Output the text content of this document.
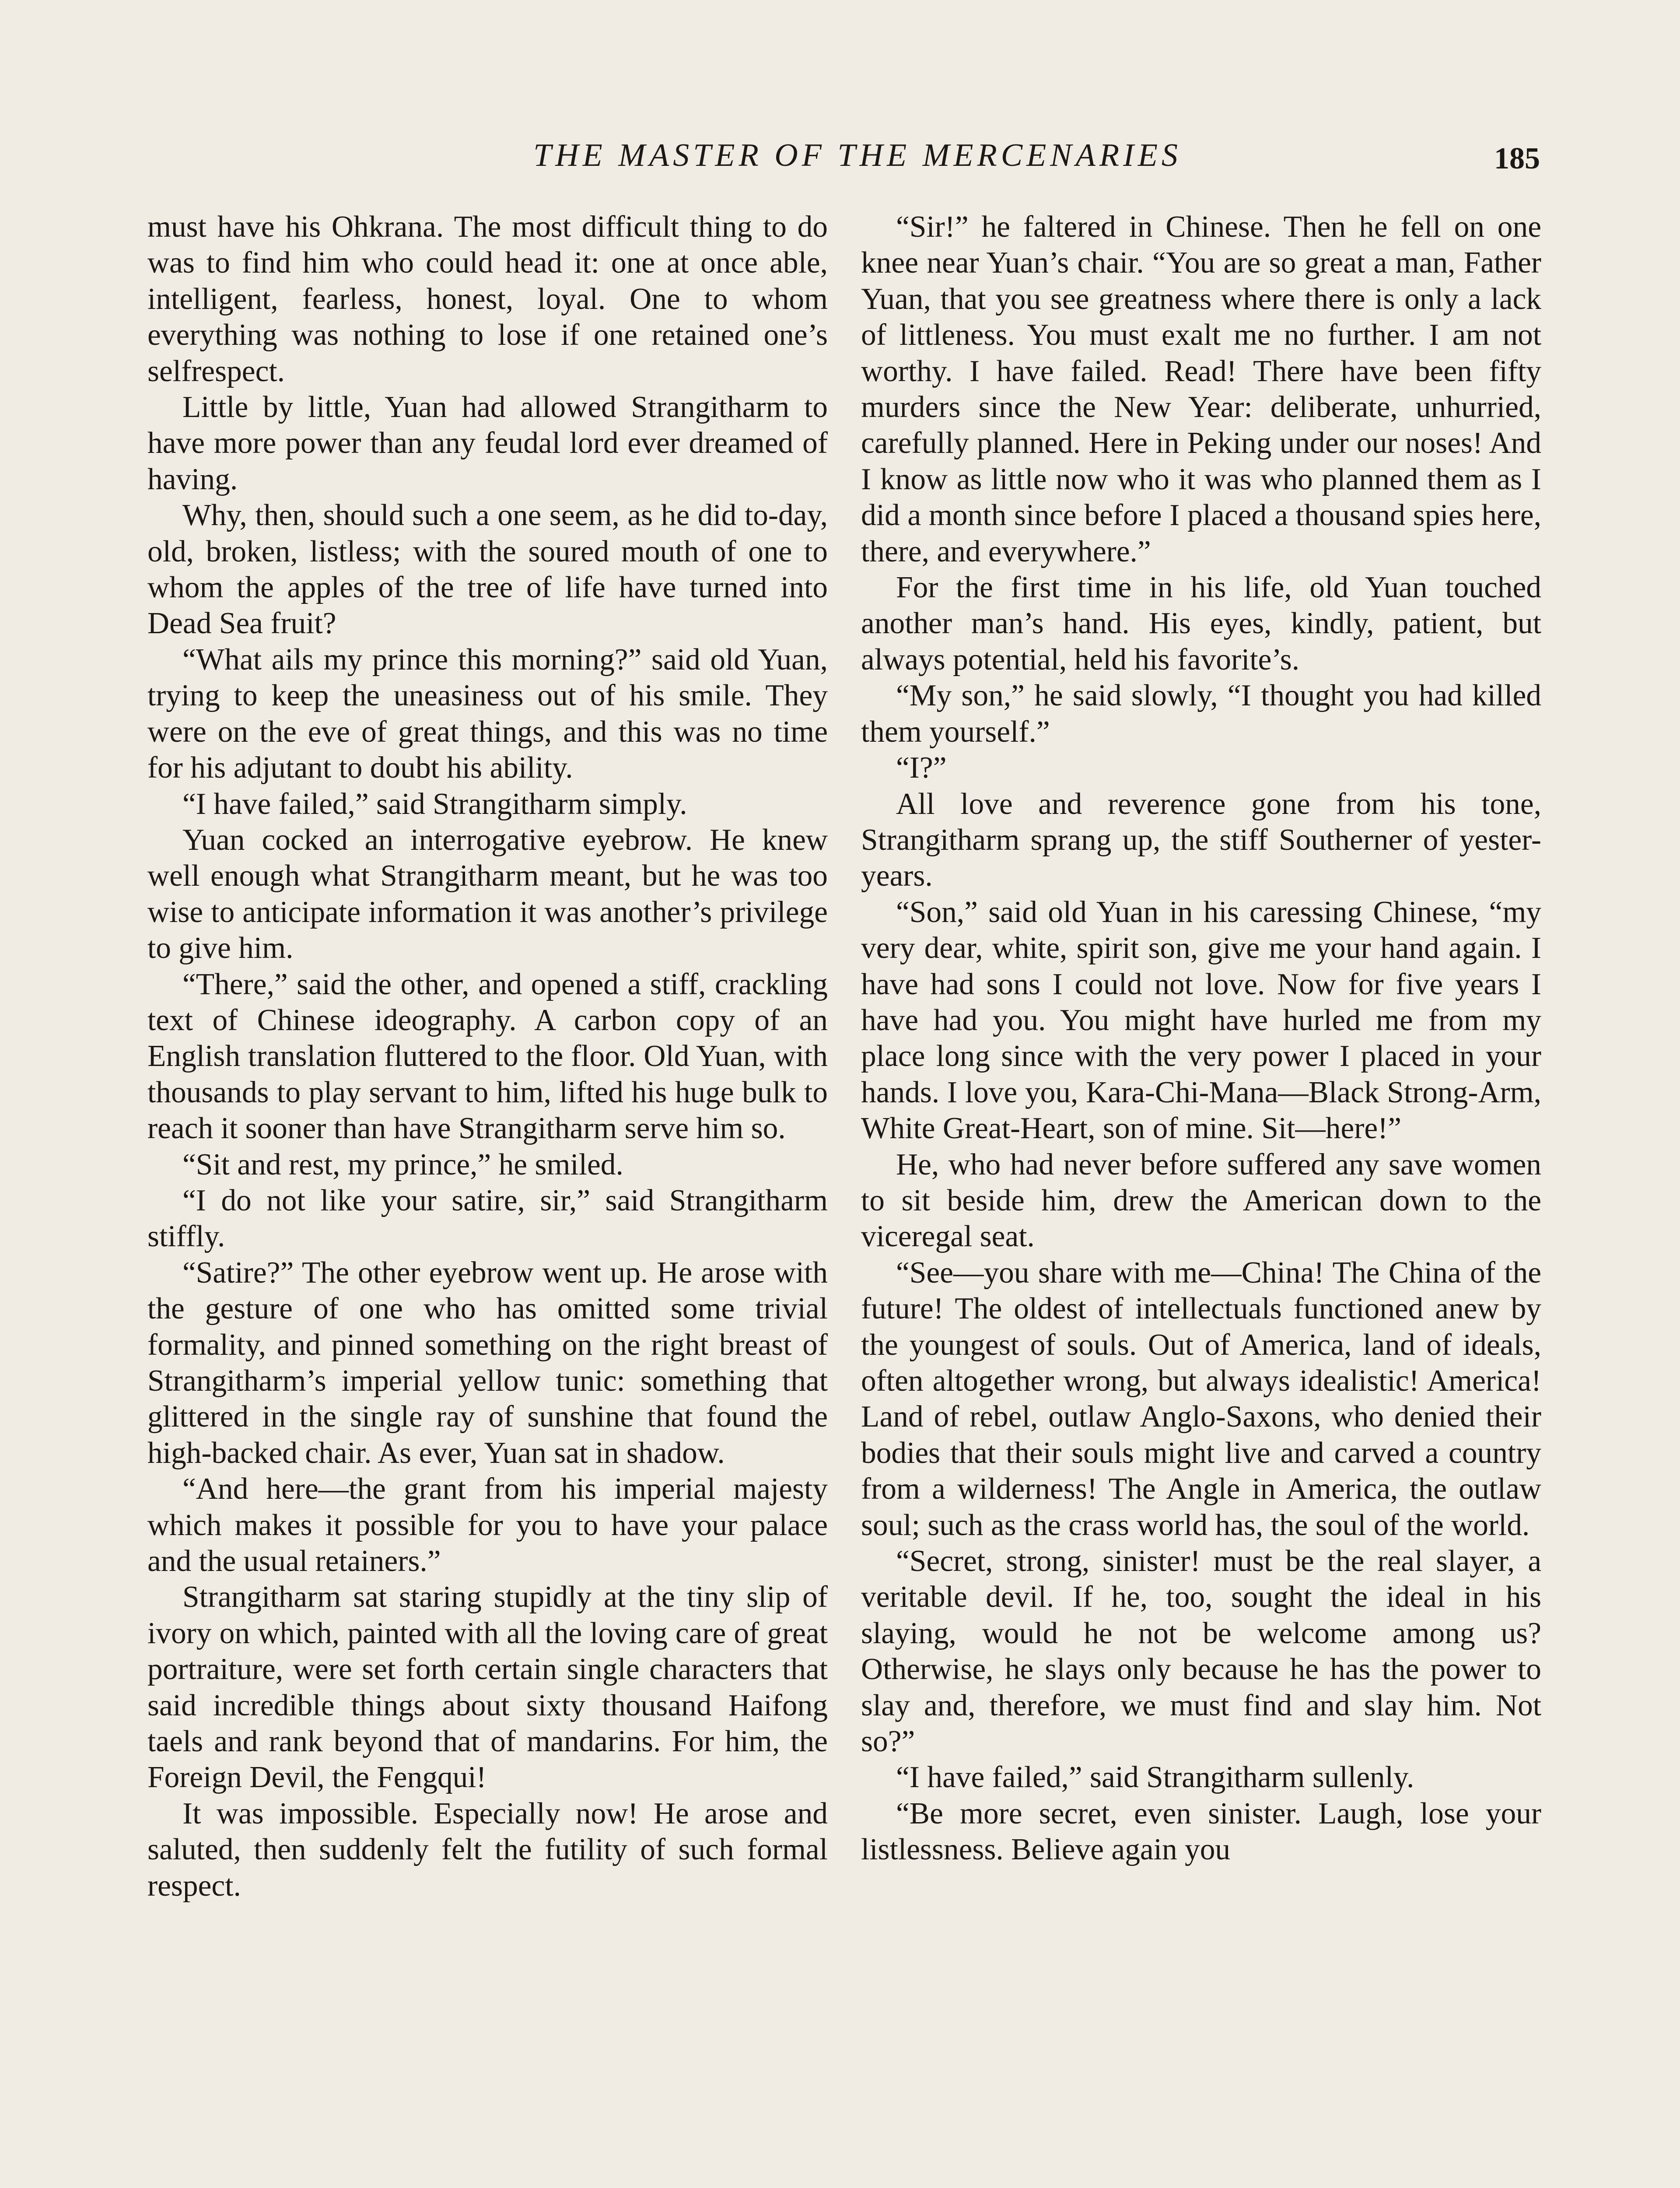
THE MASTER OF THE MERCENARIES	185

must have his Ohkrana. The most difficult thing to do was to find him who could head it: one at once able, intelligent, fearless, honest, loyal. One to whom everything was nothing to lose if one retained one’s selfrespect.

Little by little, Yuan had allowed Strangitharm to have more power than any feudal lord ever dreamed of having.

Why, then, should such a one seem, as he did to-day, old, broken, listless; with the soured mouth of one to whom the apples of the tree of life have turned into Dead Sea fruit?

“What ails my prince this morning?” said old Yuan, trying to keep the uneasiness out of his smile. They were on the eve of great things, and this was no time for his adjutant to doubt his ability.

“I have failed,” said Strangitharm simply.

Yuan cocked an interrogative eyebrow. He knew well enough what Strangitharm meant, but he was too wise to anticipate information it was another’s privilege to give him.

“There,” said the other, and opened a stiff, crackling text of Chinese ideography. A carbon copy of an English translation fluttered to the floor. Old Yuan, with thousands to play servant to him, lifted his huge bulk to reach it sooner than have Strangitharm serve him so.

“Sit and rest, my prince,” he smiled.

“I do not like your satire, sir,” said Strangitharm stiffly.

“Satire?” The other eyebrow went up. He arose with the gesture of one who has omitted some trivial formality, and pinned something on the right breast of Strangitharm’s imperial yellow tunic: something that glittered in the single ray of sunshine that found the high-backed chair. As ever, Yuan sat in shadow.

“And here—the grant from his imperial majesty which makes it possible for you to have your palace and the usual retainers.”

Strangitharm sat staring stupidly at the tiny slip of ivory on which, painted with all the loving care of great portraiture, were set forth certain single characters that said incredible things about sixty thousand Haifong taels and rank beyond that of mandarins. For him, the Foreign Devil, the Fengqui!

It was impossible. Especially now! He arose and saluted, then suddenly felt the futility of such formal respect.

“Sir!” he faltered in Chinese. Then he fell on one knee near Yuan’s chair. “You are so great a man, Father Yuan, that you see greatness where there is only a lack of littleness. You must exalt me no further. I am not worthy. I have failed. Read! There have been fifty murders since the New Year: deliberate, unhurried, carefully planned. Here in Peking under our noses! And I know as little now who it was who planned them as I did a month since before I placed a thousand spies here, there, and everywhere.”

For the first time in his life, old Yuan touched another man’s hand. His eyes, kindly, patient, but always potential, held his favorite’s.

“My son,” he said slowly, “I thought you had killed them yourself.”

“I?”

All love and reverence gone from his tone, Strangitharm sprang up, the stiff Southerner of yester-years.

“Son,” said old Yuan in his caressing Chinese, “my very dear, white, spirit son, give me your hand again. I have had sons I could not love. Now for five years I have had you. You might have hurled me from my place long since with the very power I placed in your hands. I love you, Kara-Chi-Mana—Black Strong-Arm, White Great-Heart, son of mine. Sit—here!”

He, who had never before suffered any save women to sit beside him, drew the American down to the viceregal seat.

“See—you share with me—China! The China of the future! The oldest of intellectuals functioned anew by the youngest of souls. Out of America, land of ideals, often altogether wrong, but always idealistic! America! Land of rebel, outlaw Anglo-Saxons, who denied their bodies that their souls might live and carved a country from a wilderness! The Angle in America, the outlaw soul; such as the crass world has, the soul of the world.

“Secret, strong, sinister! must be the real slayer, a veritable devil. If he, too, sought the ideal in his slaying, would he not be welcome among us? Otherwise, he slays only because he has the power to slay and, therefore, we must find and slay him. Not so?”

“I have failed,” said Strangitharm sullenly.

“Be more secret, even sinister. Laugh, lose your listlessness. Believe again you
